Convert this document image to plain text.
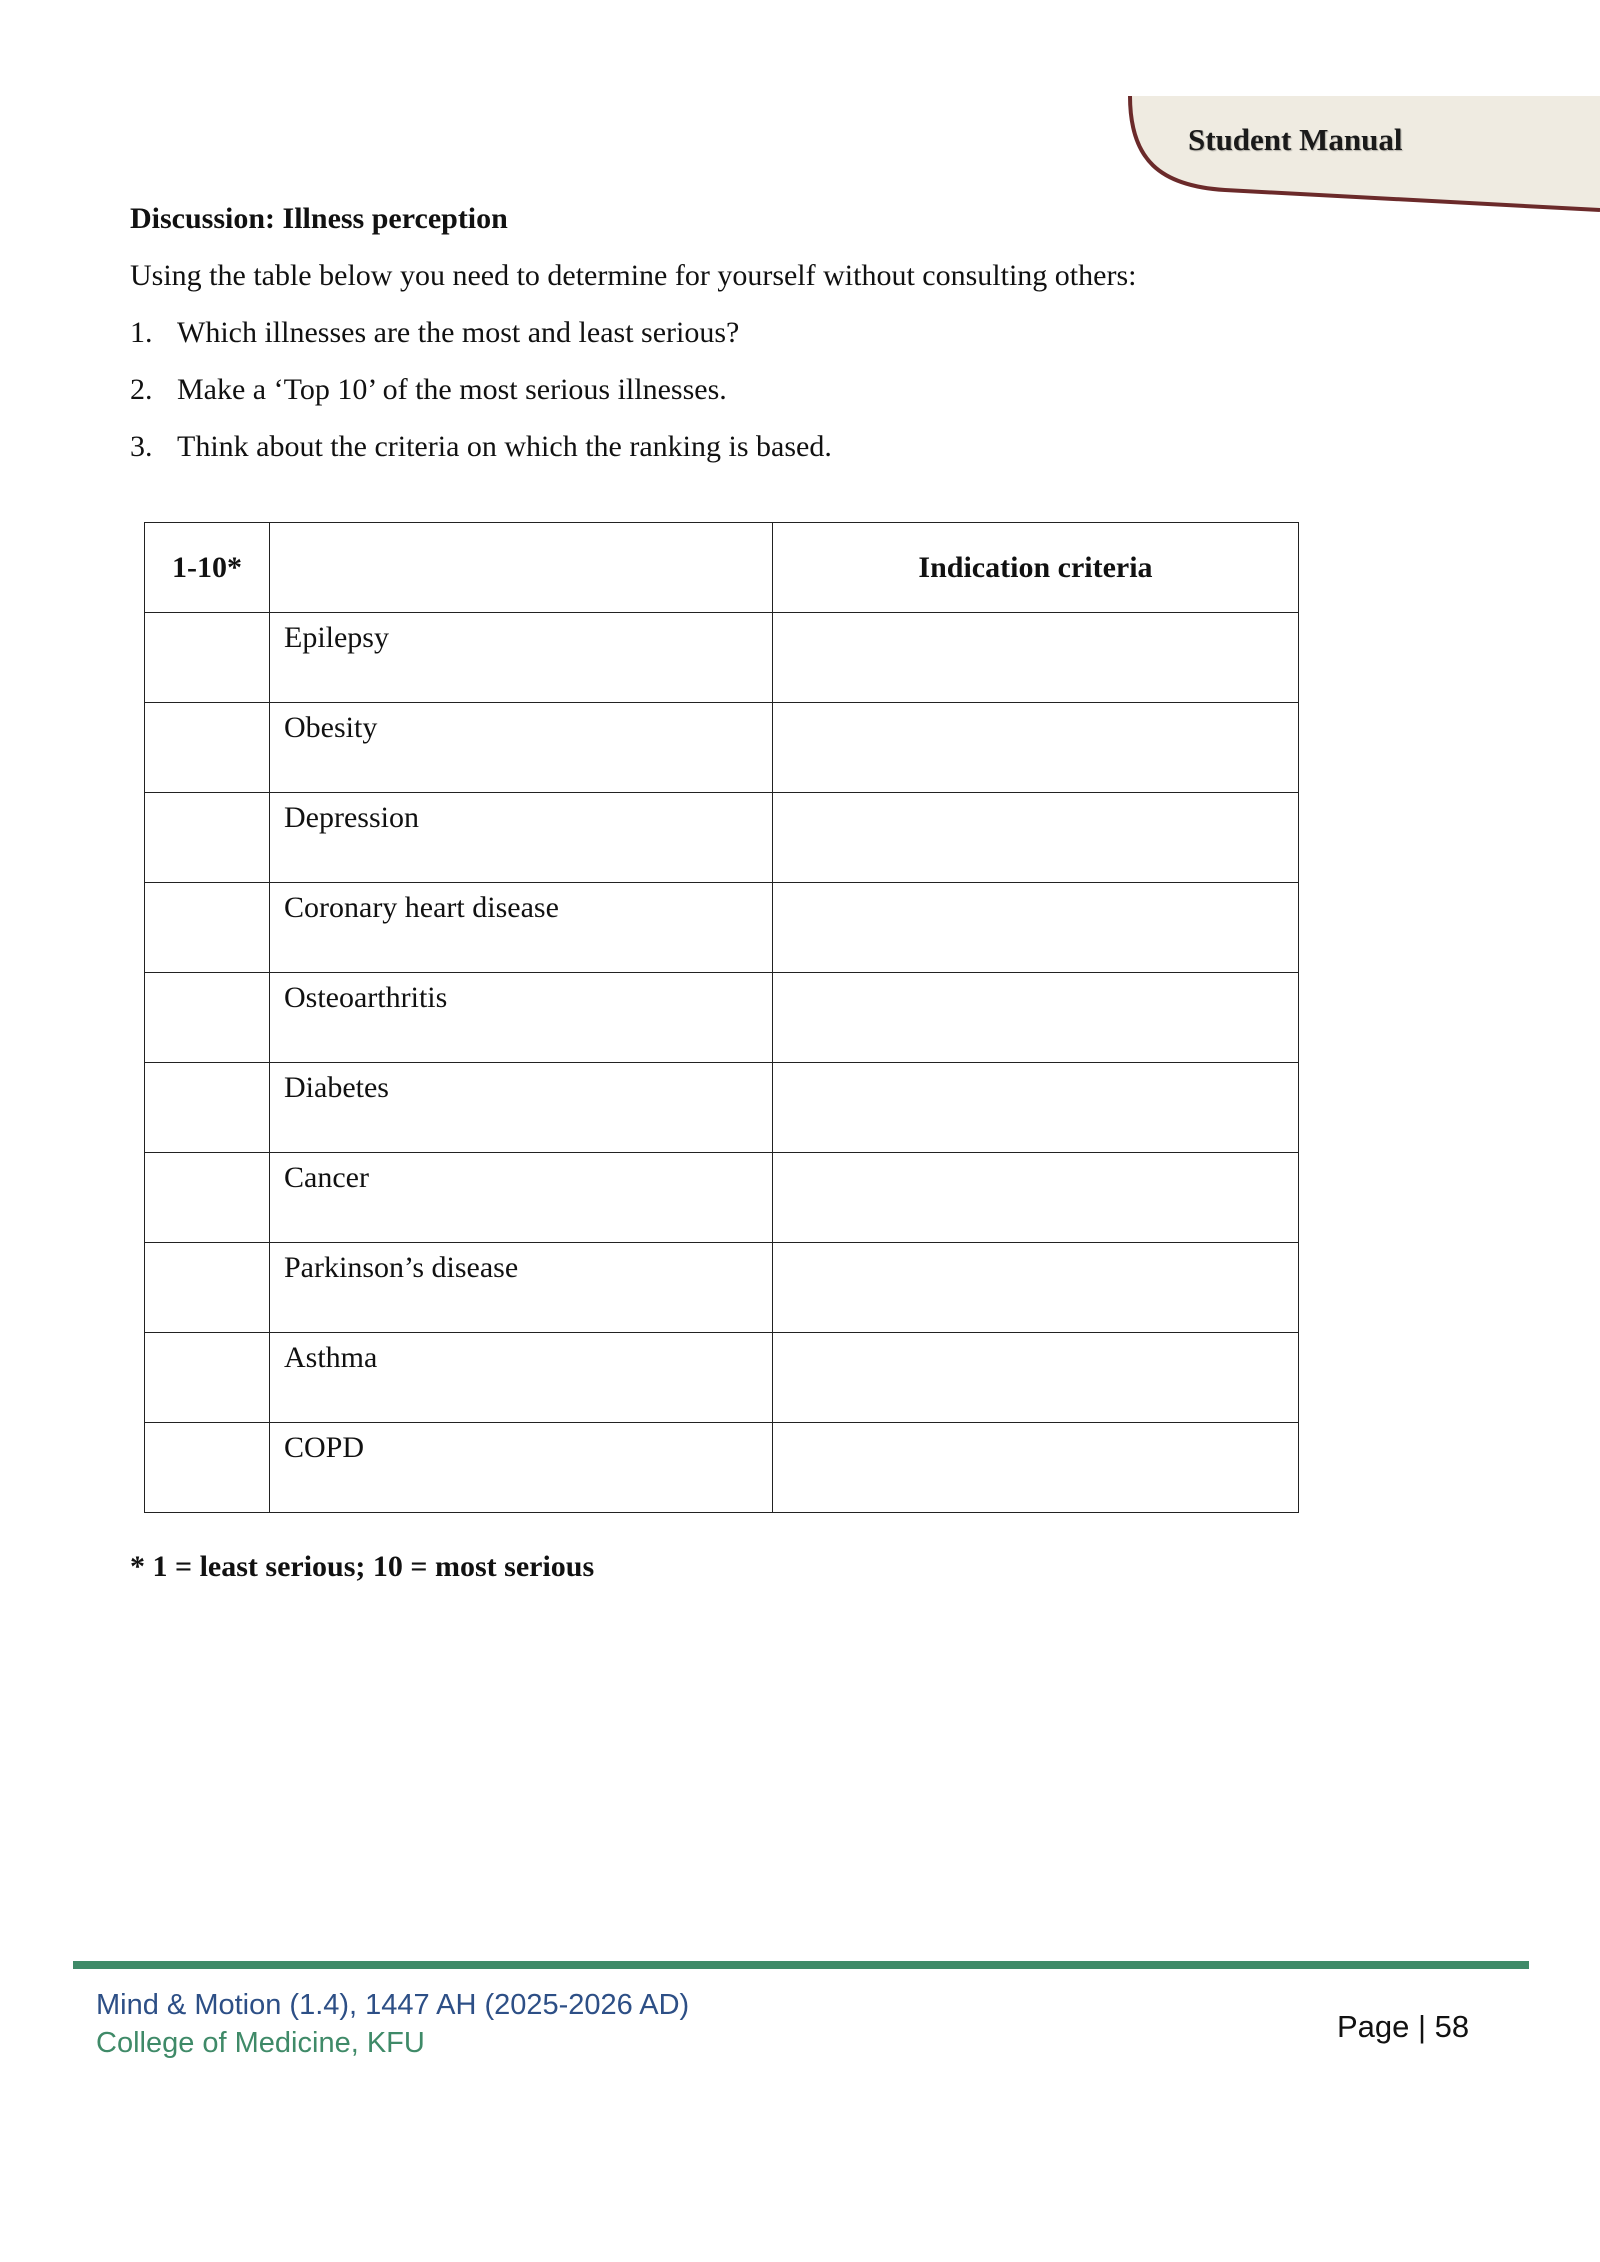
Student Manual
Discussion: Illness perception
Using the table below you need to determine for yourself without consulting others:
1. Which illnesses are the most and least serious?
2. Make a ‘Top 10’ of the most serious illnesses.
3. Think about the criteria on which the ranking is based.
1-10*		Indication criteria
	Epilepsy	
	Obesity	
	Depression	
	Coronary heart disease	
	Osteoarthritis	
	Diabetes	
	Cancer	
	Parkinson’s disease	
	Asthma	
	COPD	
* 1 = least serious; 10 = most serious
Mind & Motion (1.4), 1447 AH (2025-2026 AD)
College of Medicine, KFU	Page | 58
